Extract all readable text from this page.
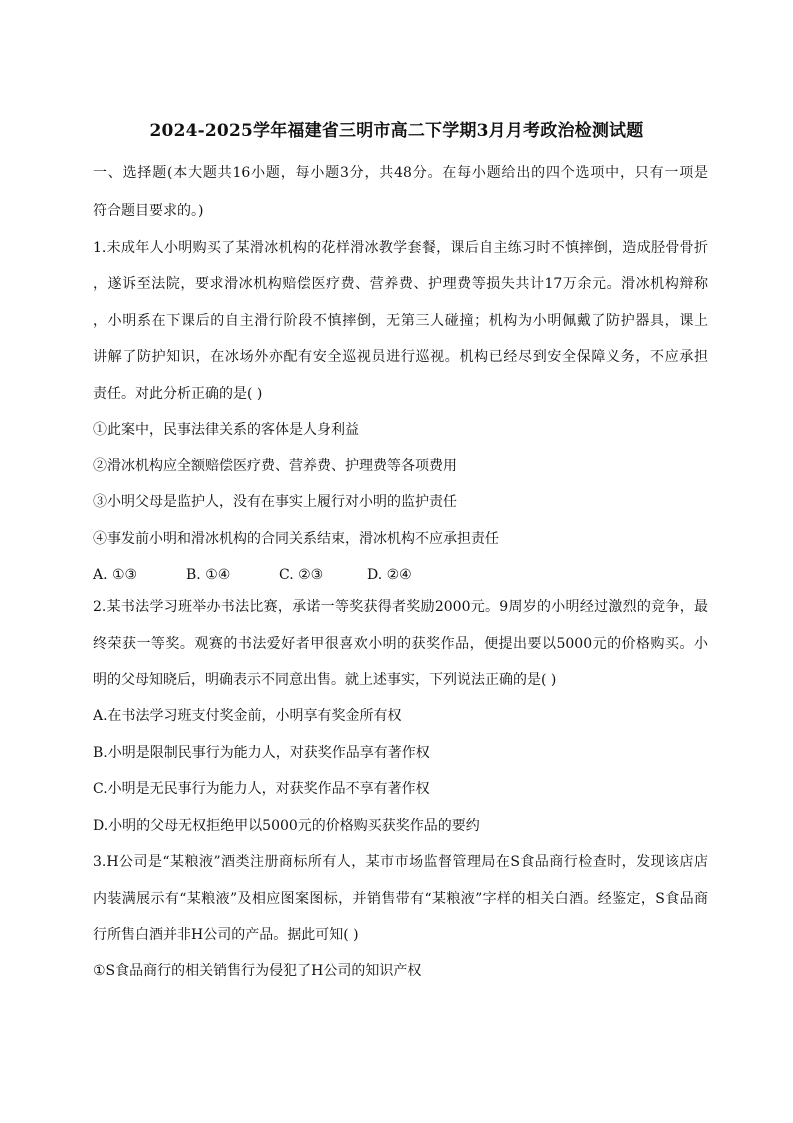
2024-2025学年福建省三明市高二下学期3月月考政治检测试题
一、选择题(本大题共16小题，每小题3分，共48分。在每小题给出的四个选项中，只有一项是
符合题目要求的。)
1.未成年人小明购买了某滑冰机构的花样滑冰教学套餐，课后自主练习时不慎摔倒，造成胫骨骨折
，遂诉至法院，要求滑冰机构赔偿医疗费、营养费、护理费等损失共计17万余元。滑冰机构辩称
，小明系在下课后的自主滑行阶段不慎摔倒，无第三人碰撞；机构为小明佩戴了防护器具，课上
讲解了防护知识，在冰场外亦配有安全巡视员进行巡视。机构已经尽到安全保障义务，不应承担
责任。对此分析正确的是( )
①此案中，民事法律关系的客体是人身利益
②滑冰机构应全额赔偿医疗费、营养费、护理费等各项费用
③小明父母是监护人，没有在事实上履行对小明的监护责任
④事发前小明和滑冰机构的合同关系结束，滑冰机构不应承担责任
A. ①③	B. ①④	C. ②③	D. ②④
2.某书法学习班举办书法比赛，承诺一等奖获得者奖励2000元。9周岁的小明经过激烈的竞争，最
终荣获一等奖。观赛的书法爱好者甲很喜欢小明的获奖作品，便提出要以5000元的价格购买。小
明的父母知晓后，明确表示不同意出售。就上述事实，下列说法正确的是( )
A.在书法学习班支付奖金前，小明享有奖金所有权
B.小明是限制民事行为能力人，对获奖作品享有著作权
C.小明是无民事行为能力人，对获奖作品不享有著作权
D.小明的父母无权拒绝甲以5000元的价格购买获奖作品的要约
3.H公司是“某粮液”酒类注册商标所有人，某市市场监督管理局在S食品商行检查时，发现该店店
内装满展示有“某粮液”及相应图案图标，并销售带有“某粮液”字样的相关白酒。经鉴定，S食品商
行所售白酒并非H公司的产品。据此可知( )
①S食品商行的相关销售行为侵犯了H公司的知识产权
